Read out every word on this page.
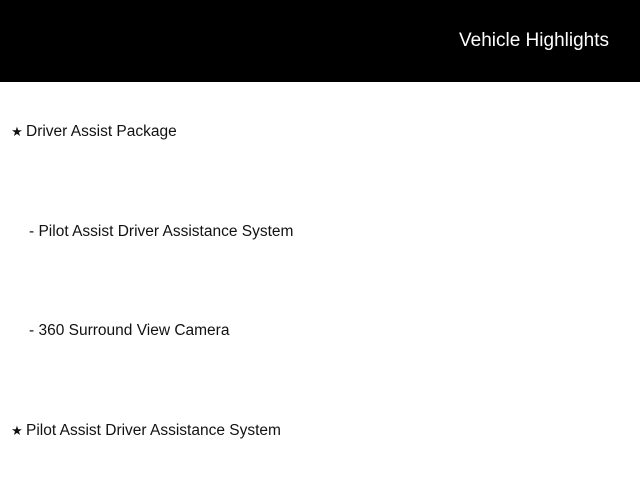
Vehicle Highlights
★ Driver Assist Package
- Pilot Assist Driver Assistance System
- 360 Surround View Camera
★ Pilot Assist Driver Assistance System
